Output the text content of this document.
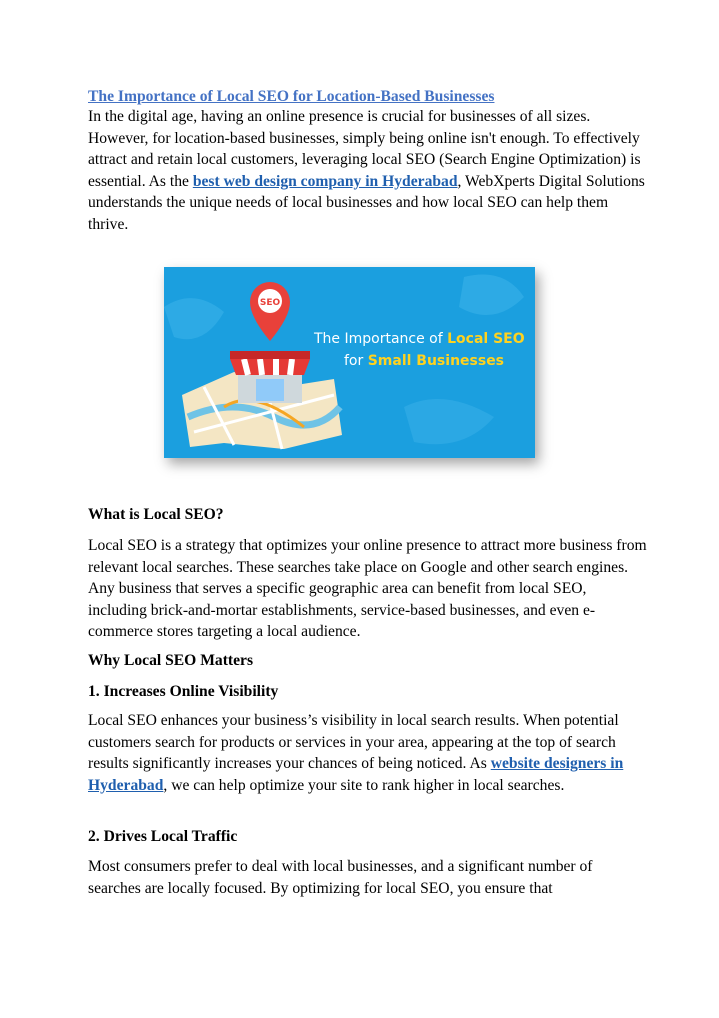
The Importance of Local SEO for Location-Based Businesses

In the digital age, having an online presence is crucial for businesses of all sizes. However, for location-based businesses, simply being online isn't enough. To effectively attract and retain local customers, leveraging local SEO (Search Engine Optimization) is essential. As the best web design company in Hyderabad, WebXperts Digital Solutions understands the unique needs of local businesses and how local SEO can help them thrive.

SEO
The Importance of Local SEO
for Small Businesses
What is Local SEO?

Local SEO is a strategy that optimizes your online presence to attract more business from relevant local searches. These searches take place on Google and other search engines. Any business that serves a specific geographic area can benefit from local SEO, including brick-and-mortar establishments, service-based businesses, and even e-commerce stores targeting a local audience.

Why Local SEO Matters
1. Increases Online Visibility

Local SEO enhances your business’s visibility in local search results. When potential customers search for products or services in your area, appearing at the top of search results significantly increases your chances of being noticed. As website designers in Hyderabad, we can help optimize your site to rank higher in local searches.

2. Drives Local Traffic

Most consumers prefer to deal with local businesses, and a significant number of searches are locally focused. By optimizing for local SEO, you ensure that
